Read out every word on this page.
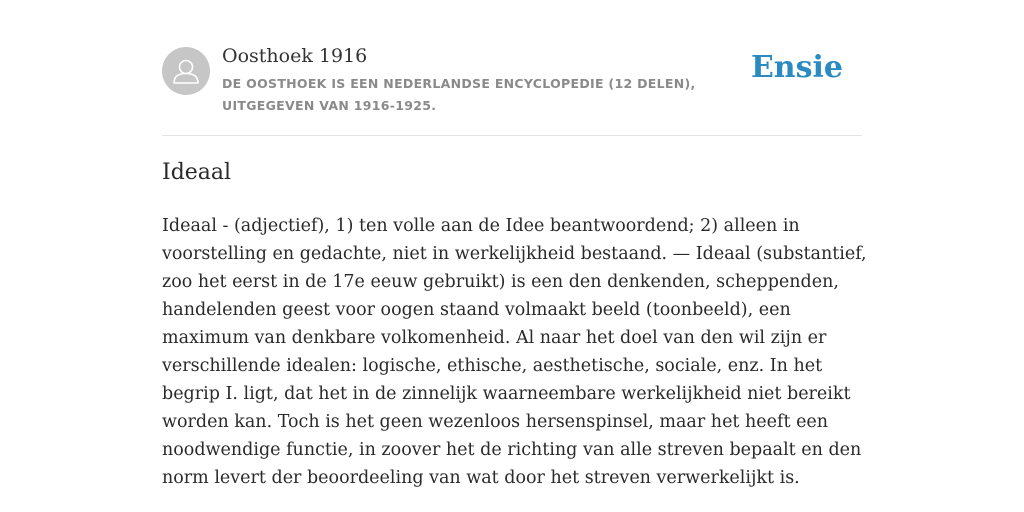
Oosthoek 1916
DE OOSTHOEK IS EEN NEDERLANDSE ENCYCLOPEDIE (12 DELEN), UITGEGEVEN VAN 1916-1925.
Ensie
Ideaal

Ideaal - (adjectief), 1) ten volle aan de Idee beantwoordend; 2) alleen in voorstelling en gedachte, niet in werkelijkheid bestaand. — Ideaal (substantief, zoo het eerst in de 17e eeuw gebruikt) is een den denkenden, scheppenden, handelenden geest voor oogen staand volmaakt beeld (toonbeeld), een maximum van denkbare volkomenheid. Al naar het doel van den wil zijn er verschillende idealen: logische, ethische, aesthetische, sociale, enz. In het begrip I. ligt, dat het in de zinnelijk waarneembare werkelijkheid niet bereikt worden kan. Toch is het geen wezenloos hersenspinsel, maar het heeft een noodwendige functie, in zoover het de richting van alle streven bepaalt en den norm levert der beoordeeling van wat door het streven verwerkelijkt is.
